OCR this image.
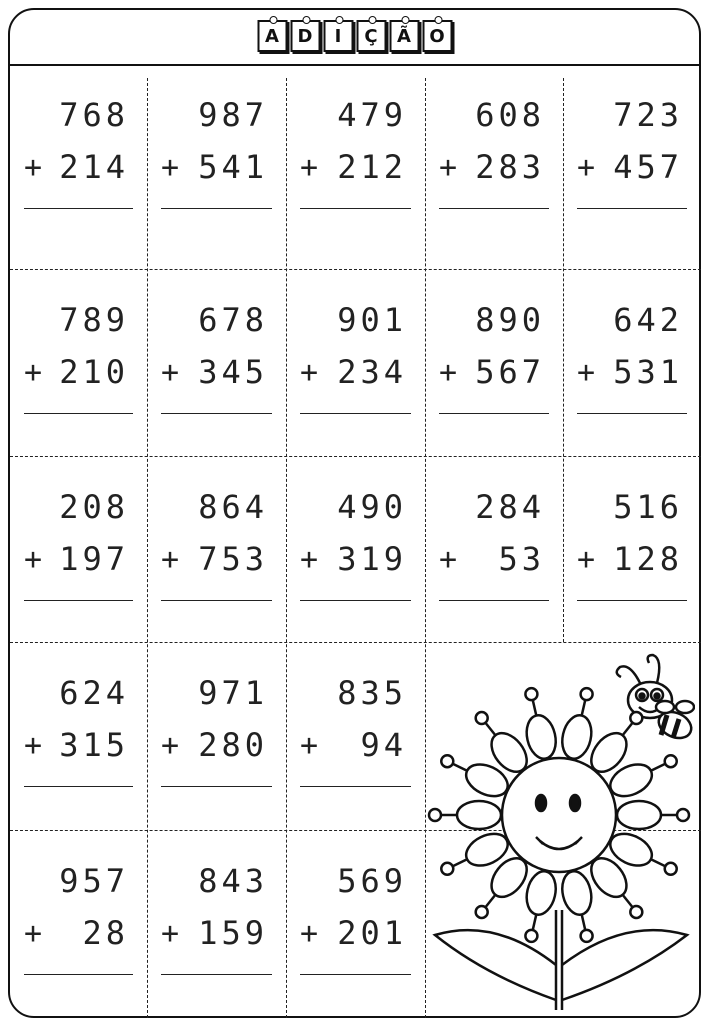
A D I Ç Ã O
768
+ 214
987
+ 541
479
+ 212
608
+ 283
723
+ 457
789
+ 210
678
+ 345
901
+ 234
890
+ 567
642
+ 531
208
+ 197
864
+ 753
490
+ 319
284
+ 53
516
+ 128
624
+ 315
971
+ 280
835
+ 94
957
+ 28
843
+ 159
569
+ 201
